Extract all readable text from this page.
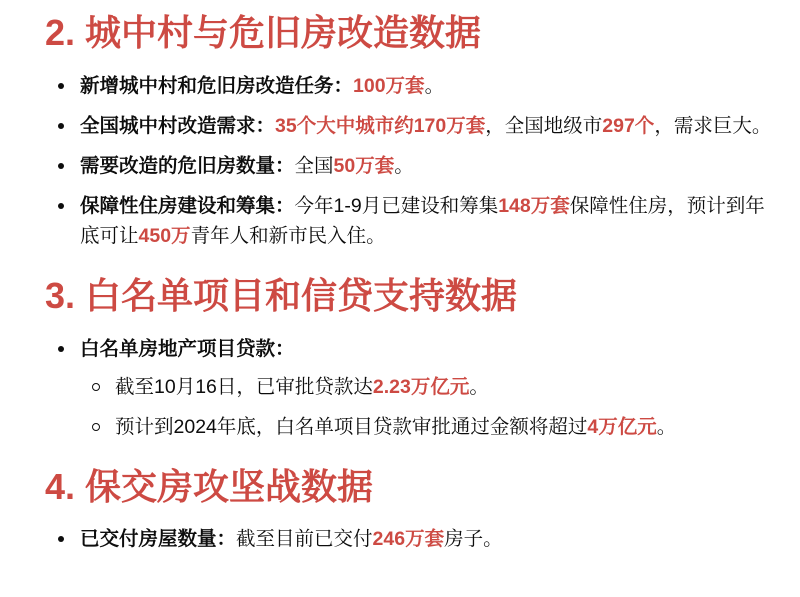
2. 城中村与危旧房改造数据
新增城中村和危旧房改造任务：100万套。
全国城中村改造需求：35个大中城市约170万套，全国地级市297个，需求巨大。
需要改造的危旧房数量：全国50万套。
保障性住房建设和筹集：今年1-9月已建设和筹集148万套保障性住房，预计到年底可让450万青年人和新市民入住。
3. 白名单项目和信贷支持数据
白名单房地产项目贷款：
截至10月16日，已审批贷款达2.23万亿元。
预计到2024年底，白名单项目贷款审批通过金额将超过4万亿元。
4. 保交房攻坚战数据
已交付房屋数量：截至目前已交付246万套房子。
